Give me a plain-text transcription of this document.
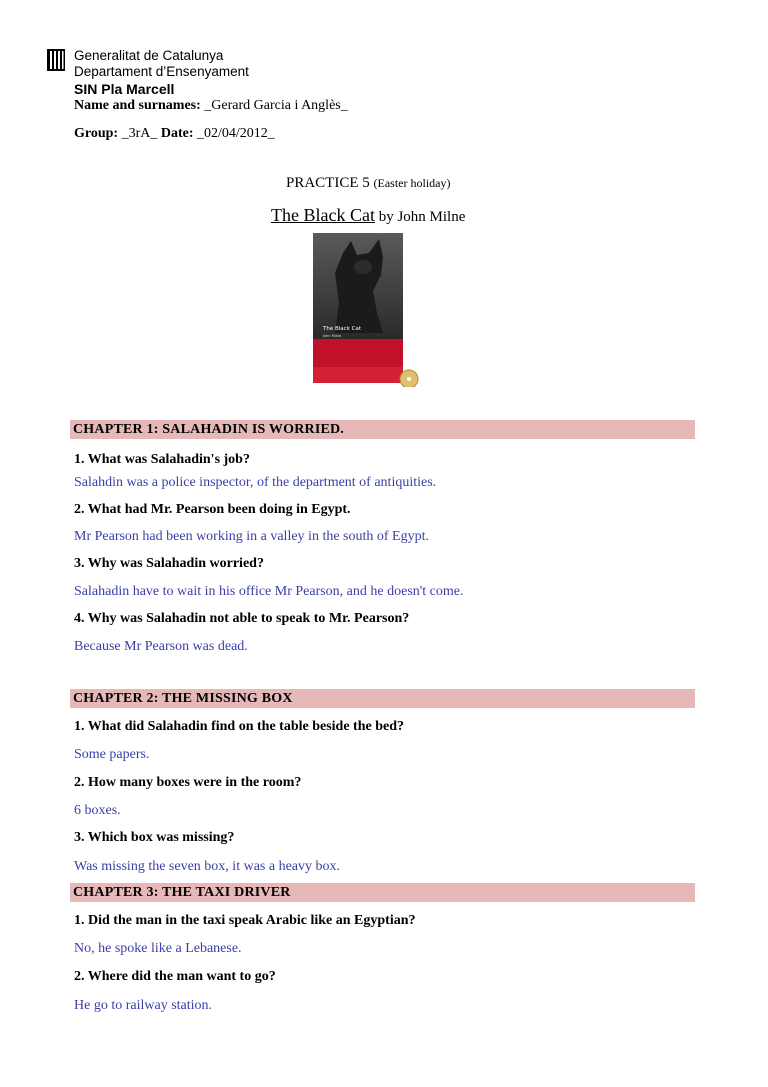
Generalitat de Catalunya
Departament d’Ensenyament
SIN Pla Marcell
Name and surnames: _Gerard Garcia i Anglès_
Group: _3rA_ Date: _02/04/2012_
PRACTICE 5 (Easter holiday)
The Black Cat by John Milne
The Black Cat
John Milne
CHAPTER 1: SALAHADIN IS WORRIED.
1. What was Salahadin's job?
Salahdin was a police inspector, of the department of antiquities.
2. What had Mr. Pearson been doing in Egypt.
Mr Pearson had been working in a valley in the south of Egypt.
3. Why was Salahadin worried?
Salahadin have to wait in his office Mr Pearson, and he doesn't come.
4. Why was Salahadin not able to speak to Mr. Pearson?
Because Mr Pearson was dead.
CHAPTER 2: THE MISSING BOX
1. What did Salahadin find on the table beside the bed?
Some papers.
2. How many boxes were in the room?
6 boxes.
3. Which box was missing?
Was missing the seven box, it was a heavy box.
CHAPTER 3: THE TAXI DRIVER
1. Did the man in the taxi speak Arabic like an Egyptian?
No, he spoke like a Lebanese.
2. Where did the man want to go?
He go to railway station.
